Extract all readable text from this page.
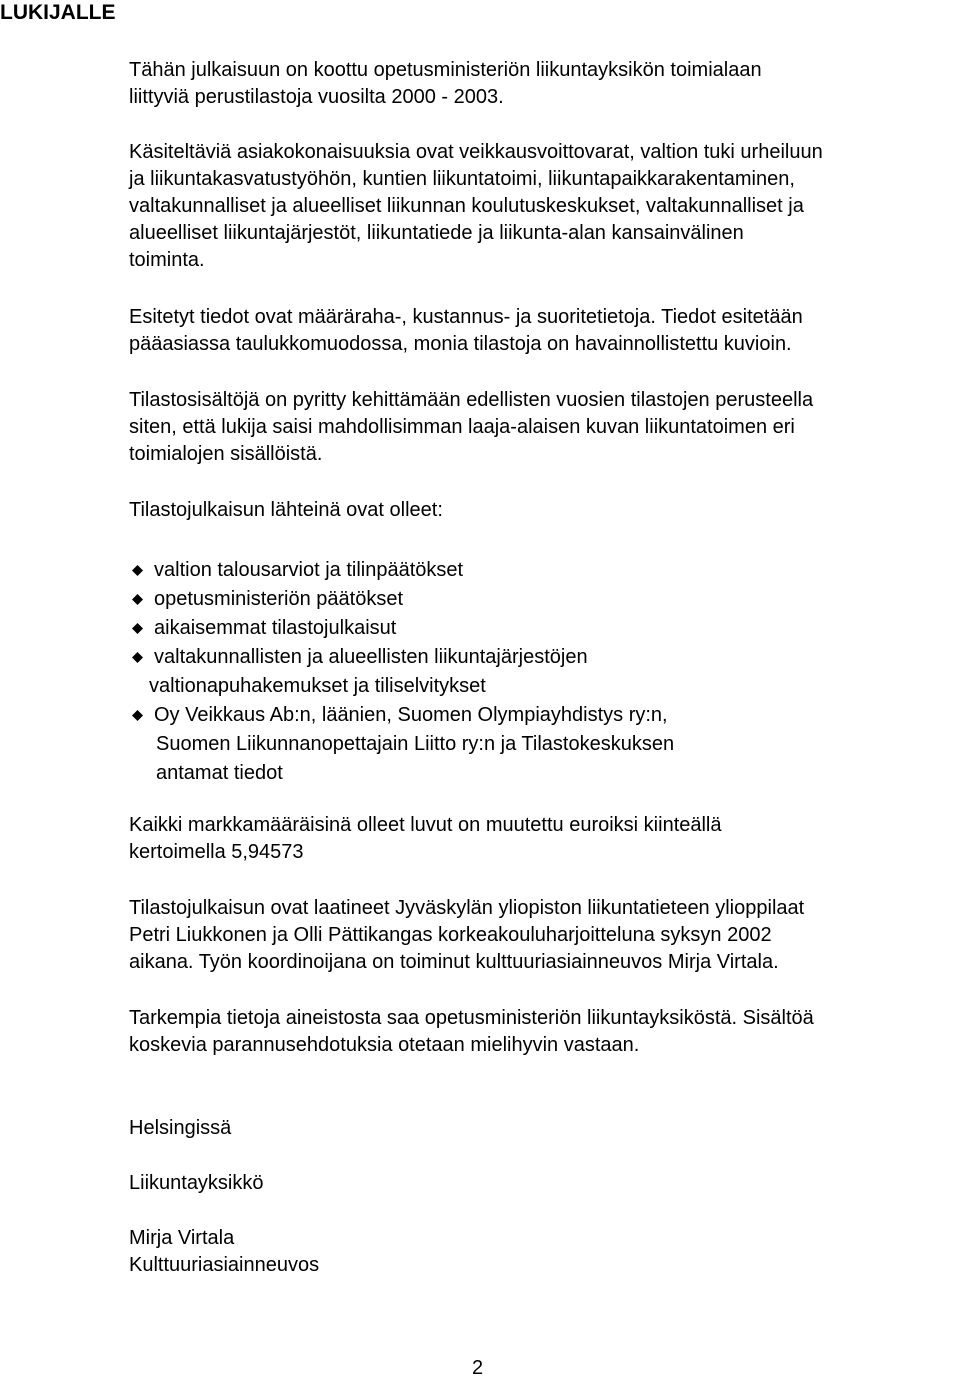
LUKIJALLE

Tähän julkaisuun on koottu opetusministeriön liikuntayksikön toimialaan
liittyviä perustilastoja vuosilta 2000 - 2003.

Käsiteltäviä asiakokonaisuuksia ovat veikkausvoittovarat, valtion tuki urheiluun
ja liikuntakasvatustyöhön, kuntien liikuntatoimi, liikuntapaikkarakentaminen,
valtakunnalliset ja alueelliset liikunnan koulutuskeskukset, valtakunnalliset ja
alueelliset liikuntajärjestöt, liikuntatiede ja liikunta-alan kansainvälinen
toiminta.

Esitetyt tiedot ovat määräraha-, kustannus- ja suoritetietoja. Tiedot esitetään
pääasiassa taulukkomuodossa, monia tilastoja on havainnollistettu kuvioin.

Tilastosisältöjä on pyritty kehittämään edellisten vuosien tilastojen perusteella
siten, että lukija saisi mahdollisimman laaja-alaisen kuvan liikuntatoimen eri
toimialojen sisällöistä.

Tilastojulkaisun lähteinä ovat olleet:

valtion talousarviot ja tilinpäätökset
opetusministeriön päätökset
aikaisemmat tilastojulkaisut
valtakunnallisten ja alueellisten liikuntajärjestöjen
valtionapuhakemukset ja tiliselvitykset
Oy Veikkaus Ab:n, läänien, Suomen Olympiayhdistys ry:n,
Suomen Liikunnanopettajain Liitto ry:n ja Tilastokeskuksen
antamat tiedot

Kaikki markkamääräisinä olleet luvut on muutettu euroiksi kiinteällä
kertoimella 5,94573

Tilastojulkaisun ovat laatineet Jyväskylän yliopiston liikuntatieteen ylioppilaat
Petri Liukkonen ja Olli Pättikangas korkeakouluharjoitteluna syksyn 2002
aikana. Työn koordinoijana on toiminut kulttuuriasiainneuvos Mirja Virtala.

Tarkempia tietoja aineistosta saa opetusministeriön liikuntayksiköstä. Sisältöä
koskevia parannusehdotuksia otetaan mielihyvin vastaan.

Helsingissä

Liikuntayksikkö

Mirja Virtala
Kulttuuriasiainneuvos

2
